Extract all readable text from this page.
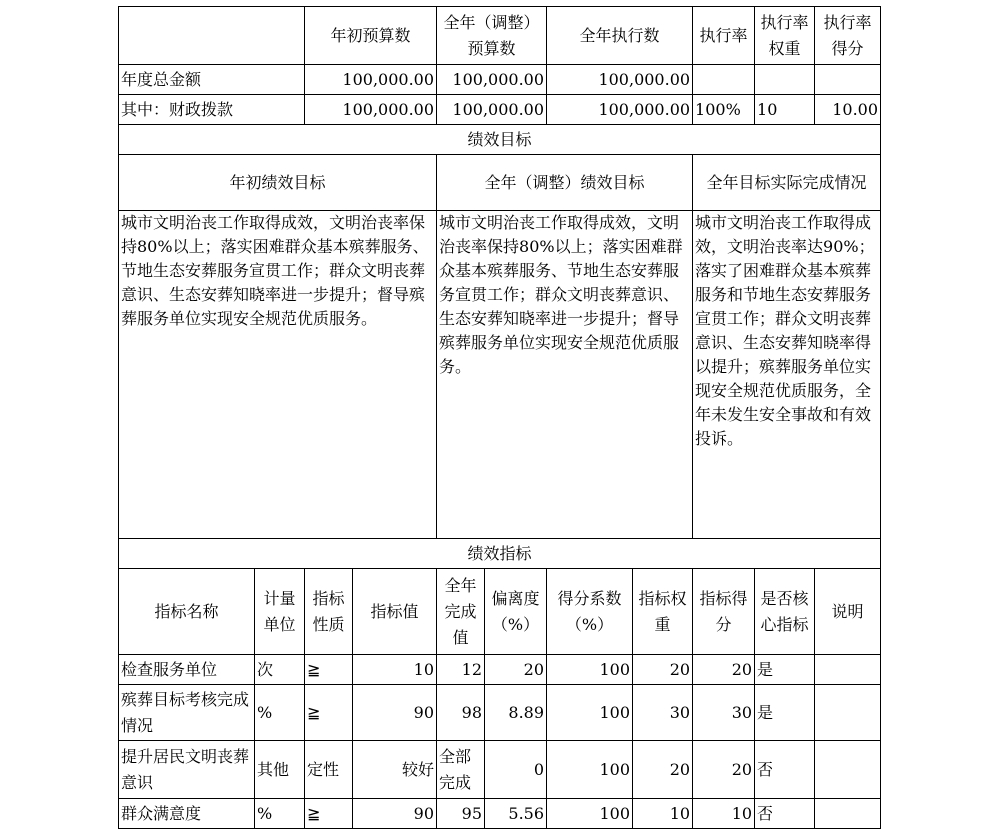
		年初预算数		全年（调整）预算数		全年执行数		执行率	执行率权重	执行率得分
年度总金额		100,000.00		100,000.00		100,000.00				
其中：财政拨款		100,000.00		100,000.00		100,000.00		100%	10	10.00
绩效目标										
年初绩效目标				全年（调整）绩效目标				全年目标实际完成情况		
城市文明治丧工作取得成效，文明治丧率保持80%以上；落实困难群众基本殡葬服务、节地生态安葬服务宣贯工作；群众文明丧葬意识、生态安葬知晓率进一步提升；督导殡葬服务单位实现安全规范优质服务。				城市文明治丧工作取得成效，文明治丧率保持80%以上；落实困难群众基本殡葬服务、节地生态安葬服务宣贯工作；群众文明丧葬意识、生态安葬知晓率进一步提升；督导殡葬服务单位实现安全规范优质服务。				城市文明治丧工作取得成效，文明治丧率达90%；落实了困难群众基本殡葬服务和节地生态安葬服务宣贯工作；群众文明丧葬意识、生态安葬知晓率得以提升；殡葬服务单位实现安全规范优质服务，全年未发生安全事故和有效投诉。		
绩效指标										
指标名称	计量单位	指标性质	指标值	全年完成值	偏离度（%）	得分系数（%）	指标权重	指标得分	是否核心指标	说明
检查服务单位	次	≧	10	12	20	100	20	20	是	
殡葬目标考核完成情况	%	≧	90	98	8.89	100	30	30	是	
提升居民文明丧葬意识	其他	定性	较好	全部完成	0	100	20	20	否	
群众满意度	%	≧	90	95	5.56	100	10	10	否	
